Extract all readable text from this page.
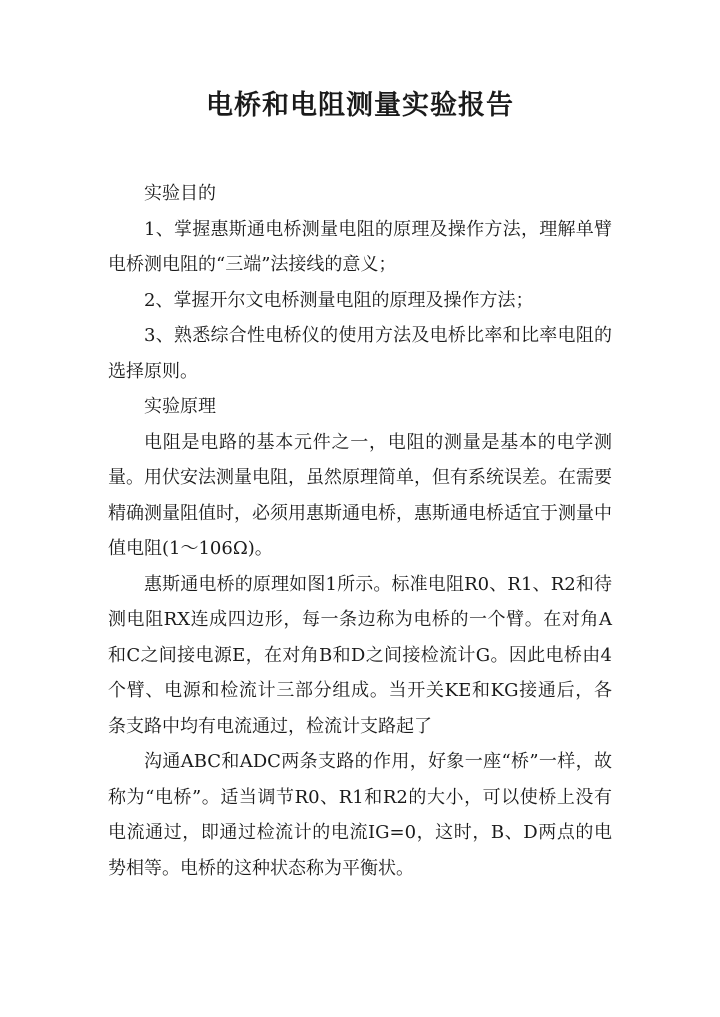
电桥和电阻测量实验报告

实验目的

1、掌握惠斯通电桥测量电阻的原理及操作方法，理解单臂电桥测电阻的“三端”法接线的意义；

2、掌握开尔文电桥测量电阻的原理及操作方法；

3、熟悉综合性电桥仪的使用方法及电桥比率和比率电阻的选择原则。

实验原理

电阻是电路的基本元件之一，电阻的测量是基本的电学测量。用伏安法测量电阻，虽然原理简单，但有系统误差。在需要精确测量阻值时，必须用惠斯通电桥，惠斯通电桥适宜于测量中值电阻(1～106Ω)。

惠斯通电桥的原理如图1所示。标准电阻R0、R1、R2和待测电阻RX连成四边形，每一条边称为电桥的一个臂。在对角A和C之间接电源E，在对角B和D之间接检流计G。因此电桥由4个臂、电源和检流计三部分组成。当开关KE和KG接通后，各条支路中均有电流通过，检流计支路起了

沟通ABC和ADC两条支路的作用，好象一座“桥”一样，故称为“电桥”。适当调节R0、R1和R2的大小，可以使桥上没有电流通过，即通过检流计的电流IG=0，这时，B、D两点的电势相等。电桥的这种状态称为平衡状。
